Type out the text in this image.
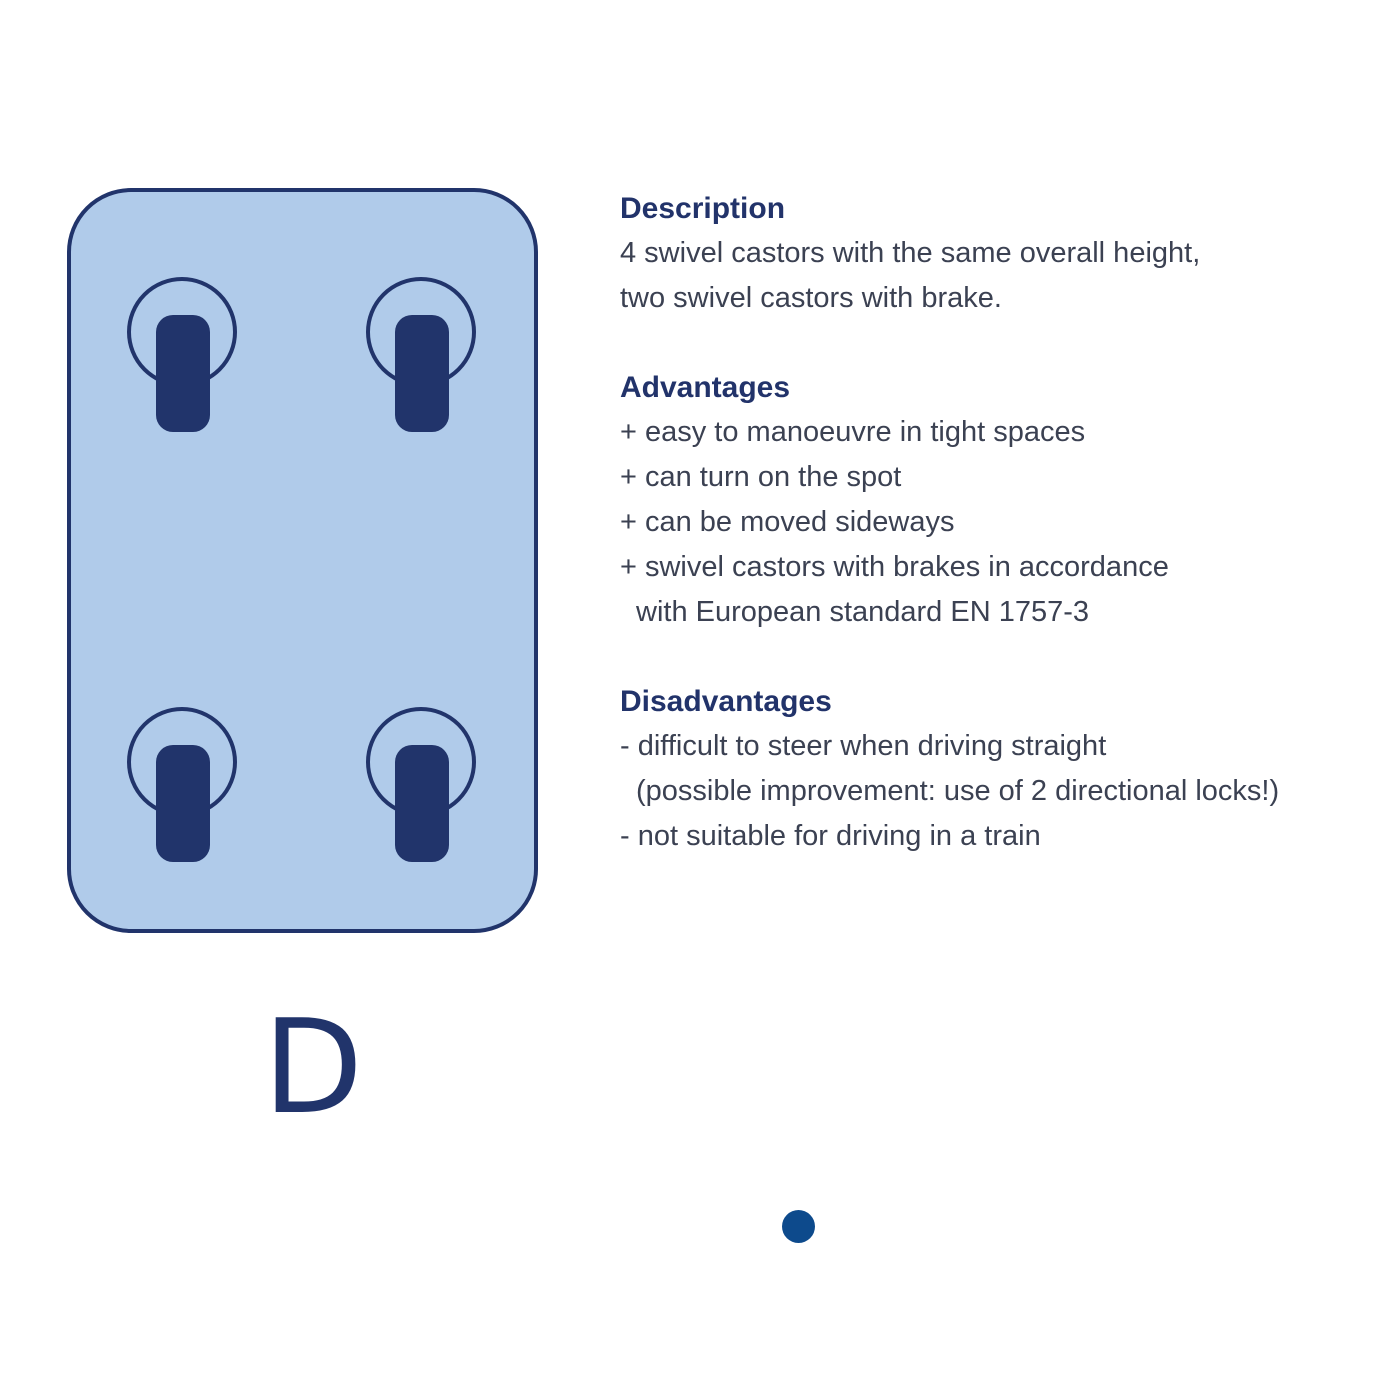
D

Description

4 swivel castors with the same overall height,

two swivel castors with brake.

Advantages

+ easy to manoeuvre in tight spaces

+ can turn on the spot

+ can be moved sideways

+ swivel castors with brakes in accordance

with European standard EN 1757-3

Disadvantages

- difficult to steer when driving straight

(possible improvement: use of 2 directional locks!)

- not suitable for driving in a train
